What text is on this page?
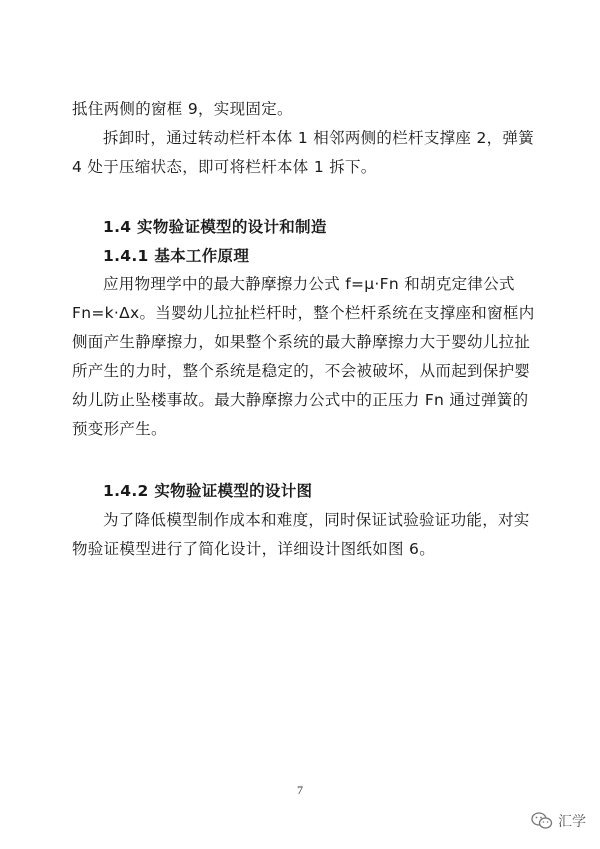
抵住两侧的窗框 9，实现固定。

拆卸时，通过转动栏杆本体 1 相邻两侧的栏杆支撑座 2，弹簧 4 处于压缩状态，即可将栏杆本体 1 拆下。

1.4 实物验证模型的设计和制造
1.4.1 基本工作原理

应用物理学中的最大静摩擦力公式 f=μ·Fn 和胡克定律公式 Fn=k·Δx。当婴幼儿拉扯栏杆时，整个栏杆系统在支撑座和窗框内侧面产生静摩擦力，如果整个系统的最大静摩擦力大于婴幼儿拉扯所产生的力时，整个系统是稳定的，不会被破坏，从而起到保护婴幼儿防止坠楼事故。最大静摩擦力公式中的正压力 Fn 通过弹簧的预变形产生。

1.4.2 实物验证模型的设计图

为了降低模型制作成本和难度，同时保证试验验证功能，对实物验证模型进行了简化设计，详细设计图纸如图 6。

7
汇学
